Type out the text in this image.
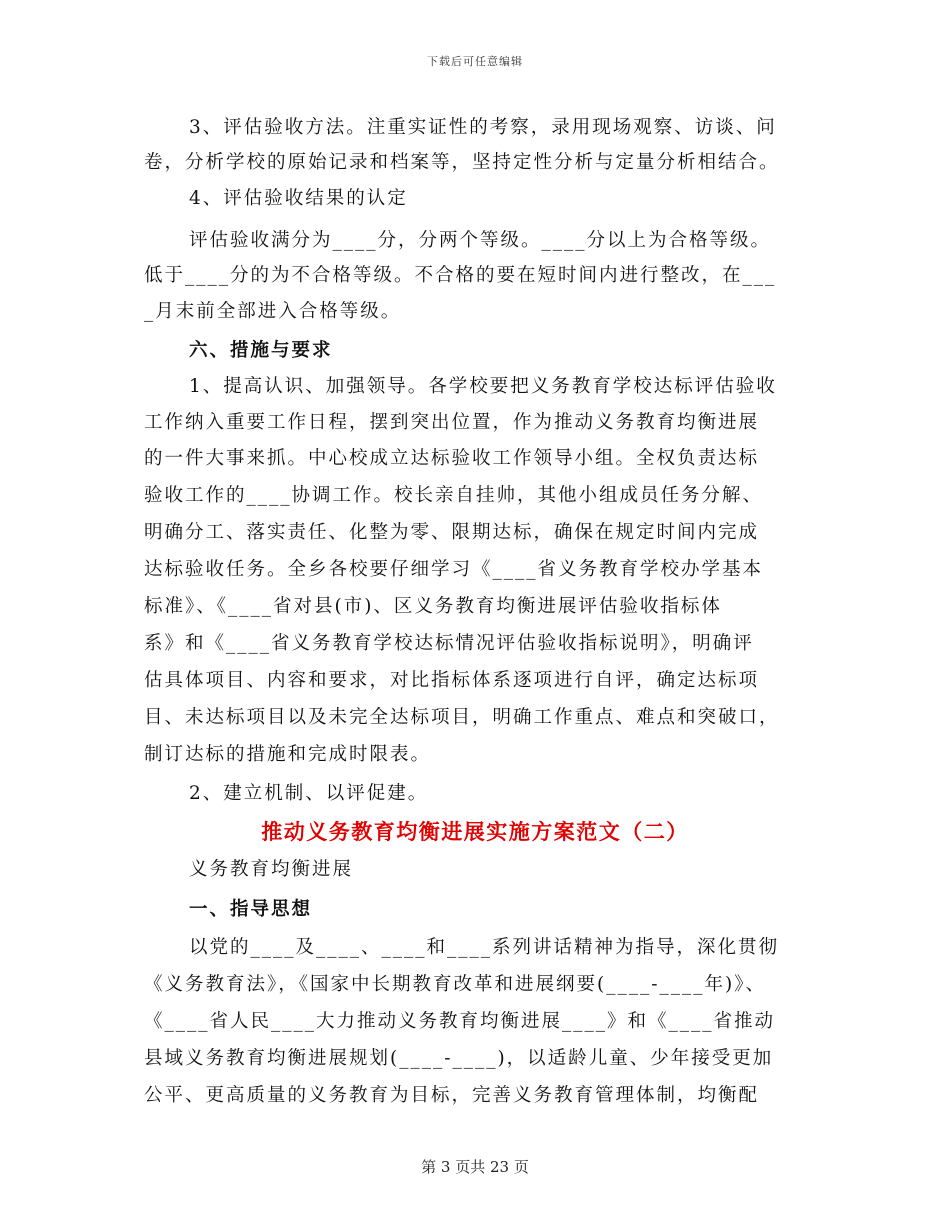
下载后可任意编辑
3、评估验收方法。注重实证性的考察，录用现场观察、访谈、问
卷，分析学校的原始记录和档案等，坚持定性分析与定量分析相结合。
4、评估验收结果的认定
评估验收满分为____分，分两个等级。____分以上为合格等级。
低于____分的为不合格等级。不合格的要在短时间内进行整改，在___
_月末前全部进入合格等级。
六、措施与要求
1、提高认识、加强领导。各学校要把义务教育学校达标评估验收
工作纳入重要工作日程，摆到突出位置，作为推动义务教育均衡进展
的一件大事来抓。中心校成立达标验收工作领导小组。全权负责达标
验收工作的____协调工作。校长亲自挂帅，其他小组成员任务分解、
明确分工、落实责任、化整为零、限期达标，确保在规定时间内完成
达标验收任务。全乡各校要仔细学习《____省义务教育学校办学基本
标准》、《____省对县(市)、区义务教育均衡进展评估验收指标体
系》和《____省义务教育学校达标情况评估验收指标说明》，明确评
估具体项目、内容和要求，对比指标体系逐项进行自评，确定达标项
目、未达标项目以及未完全达标项目，明确工作重点、难点和突破口，
制订达标的措施和完成时限表。
2、建立机制、以评促建。
推动义务教育均衡进展实施方案范文（二）
义务教育均衡进展
一、指导思想
以党的____及____、____和____系列讲话精神为指导，深化贯彻
《义务教育法》，《国家中长期教育改革和进展纲要(____-____年)》、
《____省人民____大力推动义务教育均衡进展____》和《____省推动
县域义务教育均衡进展规划(____-____)，以适龄儿童、少年接受更加
公平、更高质量的义务教育为目标，完善义务教育管理体制，均衡配
第 3 页共 23 页
